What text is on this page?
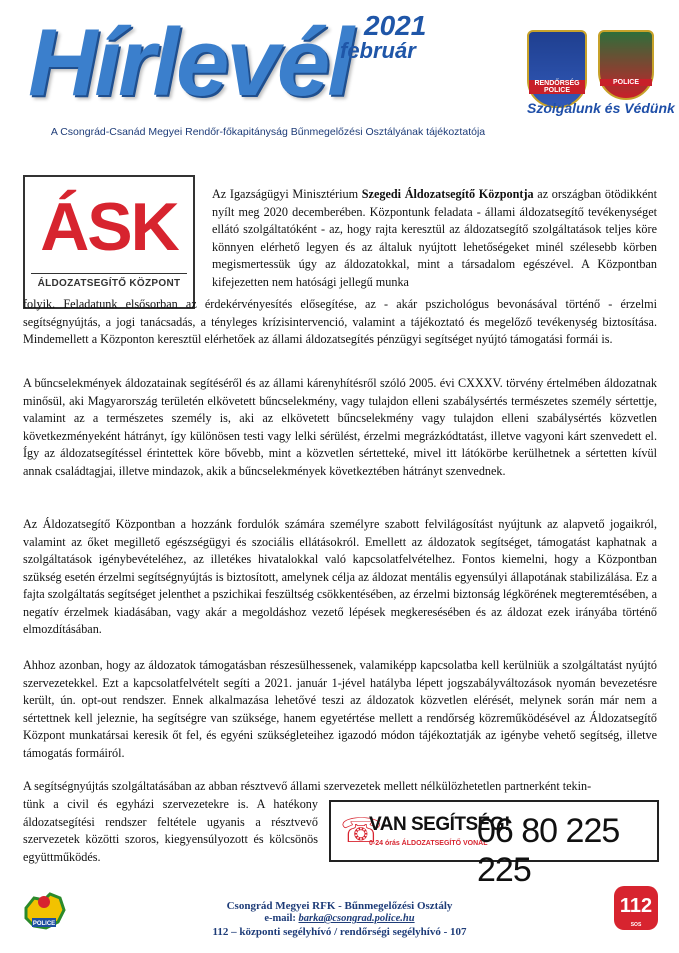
Hírlevél 2021
február
RENDŐRSÉG POLICE
POLICE
Szolgálunk és Védünk
A Csongrád-Csanád Megyei Rendőr-főkapitányság Bűnmegelőzési Osztályának tájékoztatója
ÁSK
ÁLDOZATSEGÍTŐ KÖZPONT

Az Igazságügyi Minisztérium Szegedi Áldozatsegítő Központja az országban ötödikként nyílt meg 2020 decemberében. Központunk feladata - állami áldozatsegítő tevékenységet ellátó szolgáltatóként - az, hogy rajta keresztül az áldozatsegítő szolgáltatások teljes köre könnyen elérhető legyen és az általuk nyújtott lehetőségeket minél szélesebb körben megismertessük úgy az áldozatokkal, mint a társadalom egészével. A Központban kifejezetten nem hatósági jellegű munka

folyik. Feladatunk elsősorban az érdekérvényesítés elősegítése, az - akár pszichológus bevonásával történő - érzelmi segítségnyújtás, a jogi tanácsadás, a tényleges krízisintervenció, valamint a tájékoztató és megelőző tevékenység biztosítása. Mindemellett a Központon keresztül elérhetőek az állami áldozatsegítés pénzügyi segítséget nyújtó támogatási formái is.

A bűncselekmények áldozatainak segítéséről és az állami kárenyhítésről szóló 2005. évi CXXXV. törvény értelmében áldozatnak minősül, aki Magyarország területén elkövetett bűncselekmény, vagy tulajdon elleni szabálysértés természetes személy sértettje, valamint az a természetes személy is, aki az elkövetett bűncselekmény vagy tulajdon elleni szabálysértés közvetlen következményeként hátrányt, így különösen testi vagy lelki sérülést, érzelmi megrázkódtatást, illetve vagyoni kárt szenvedett el. Így az áldozatsegítéssel érintettek köre bővebb, mint a közvetlen sértetteké, mivel itt látókörbe kerülhetnek a sértetten kívül annak családtagjai, illetve mindazok, akik a bűncselekmények következtében hátrányt szenvednek.

Az Áldozatsegítő Központban a hozzánk fordulók számára személyre szabott felvilágosítást nyújtunk az alapvető jogaikról, valamint az őket megillető egészségügyi és szociális ellátásokról. Emellett az áldozatok segítséget, támogatást kaphatnak a szolgáltatások igénybevételéhez, az illetékes hivatalokkal való kapcsolatfelvételhez. Fontos kiemelni, hogy a Központban szükség esetén érzelmi segítségnyújtás is biztosított, amelynek célja az áldozat mentális egyensúlyi állapotának stabilizálása. Ez a fajta szolgáltatás segítséget jelenthet a pszichikai feszültség csökkentésében, az érzelmi biztonság légkörének megteremtésében, a negatív érzelmek kiadásában, vagy akár a megoldáshoz vezető lépések megkeresésében és az áldozat ezek irányába történő elmozdításában.

Ahhoz azonban, hogy az áldozatok támogatásban részesülhessenek, valamiképp kapcsolatba kell kerülniük a szolgáltatást nyújtó szervezetekkel. Ezt a kapcsolatfelvételt segíti a 2021. január 1-jével hatályba lépett jogszabályváltozások nyomán bevezetésre került, ún. opt-out rendszer. Ennek alkalmazása lehetővé teszi az áldozatok közvetlen elérését, melynek során már nem a sértettnek kell jeleznie, ha segítségre van szüksége, hanem egyetértése mellett a rendőrség közreműködésével az Áldozatsegítő Központ munkatársai keresik őt fel, és egyéni szükségleteihez igazodó módon tájékoztatják az igénybe vehető segítség, illetve támogatás formáiról.

A segítségnyújtás szolgáltatásában az abban résztvevő állami szervezetek mellett nélkülözhetetlen partnerként tekin-

tünk a civil és egyházi szervezetekre is. A hatékony áldozatsegítési rendszer feltétele ugyanis a résztvevő szervezetek közötti szoros, kiegyensúlyozott és kölcsönös együttműködés.

☏
VAN SEGÍTSÉG!
0-24 órás ÁLDOZATSEGÍTŐ VONAL
06 80 225 225
POLICE
Csongrád Megyei RFK - Bűnmegelőzési Osztály
e-mail: barka@csongrad.police.hu
112 – központi segélyhívó / rendőrségi segélyhívó - 107
112
SOS
